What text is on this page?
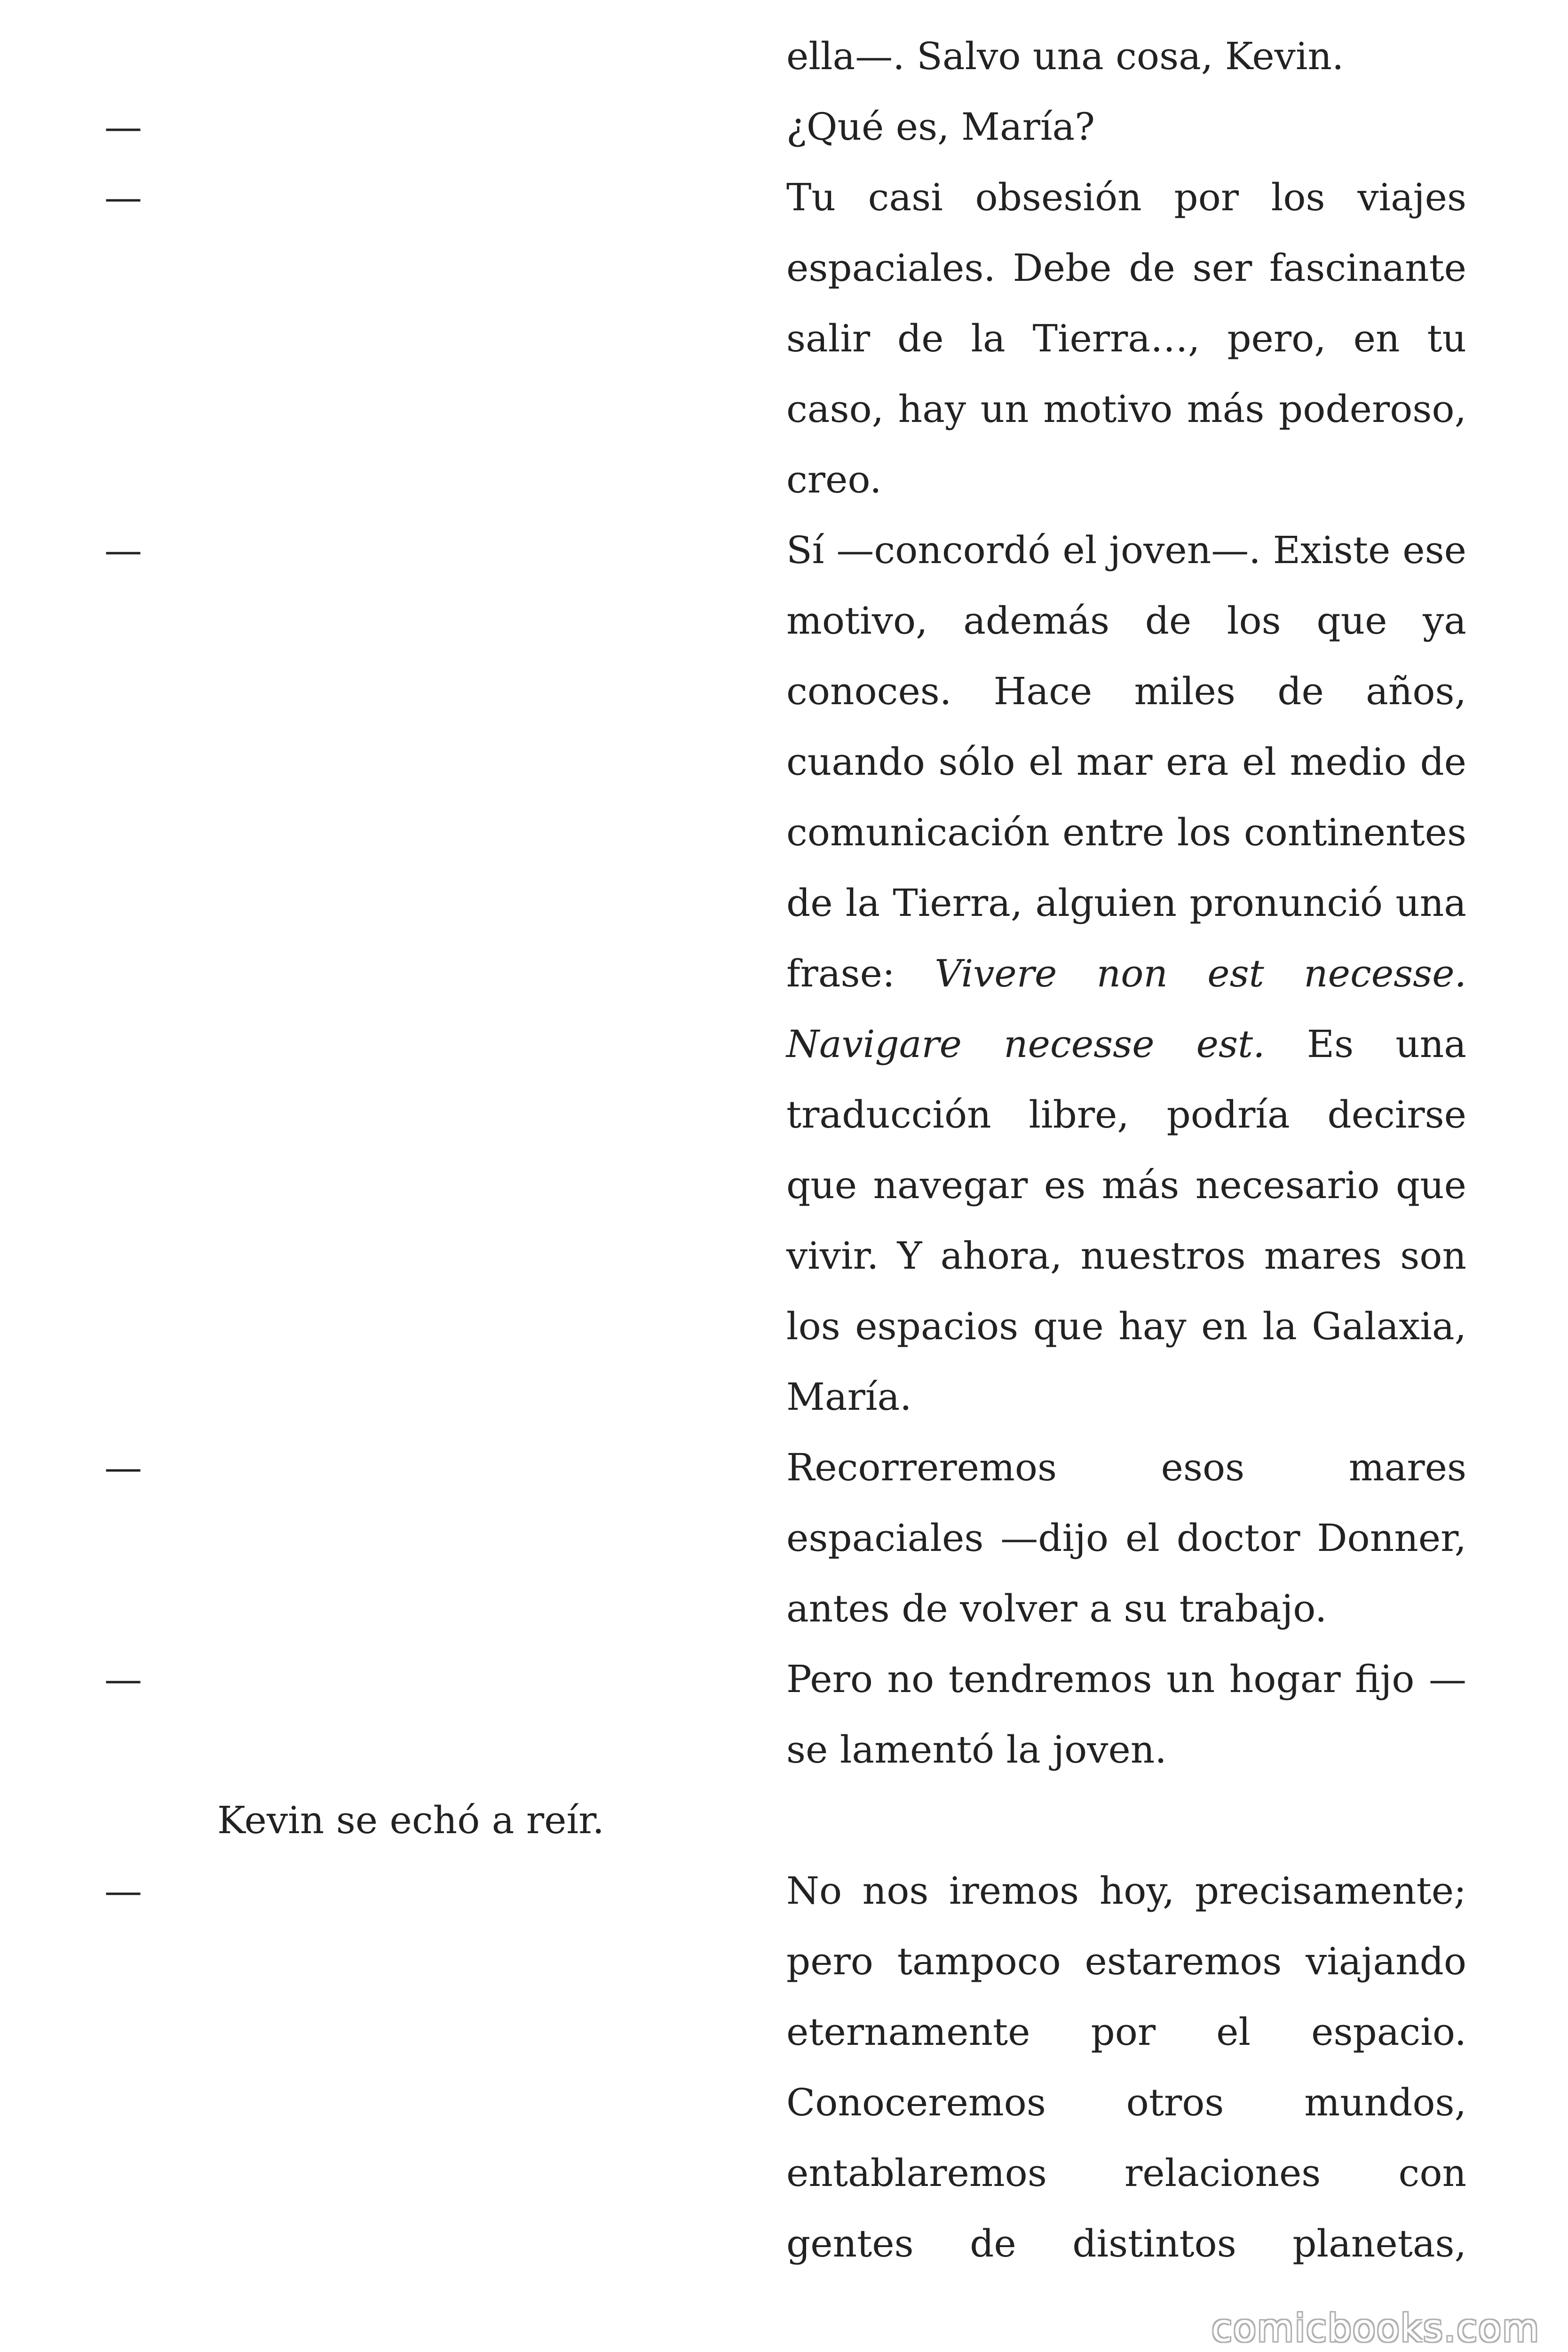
ella—. Salvo una cosa, Kevin.
—	¿Qué es, María?
—	Tu casi obsesión por los viajes espaciales. Debe de ser fascinante salir de la Tierra…, pero, en tu caso, hay un motivo más poderoso, creo.
—	Sí —concordó el joven—. Existe ese motivo, además de los que ya conoces. Hace miles de años, cuando sólo el mar era el medio de comunicación entre los continentes de la Tierra, alguien pronunció una frase: Vivere non est necesse. Navigare necesse est. Es una traducción libre, podría decirse que navegar es más necesario que vivir. Y ahora, nuestros mares son los espacios que hay en la Galaxia, María.
—	Recorreremos esos mares espaciales —dijo el doctor Donner, antes de volver a su trabajo.
—	Pero no tendremos un hogar fijo — se lamentó la joven.
Kevin se echó a reír.
—	No nos iremos hoy, precisamente; pero tampoco estaremos viajando eternamente por el espacio. Conoceremos otros mundos, entablaremos relaciones con gentes de distintos planetas,
comicbooks.com
